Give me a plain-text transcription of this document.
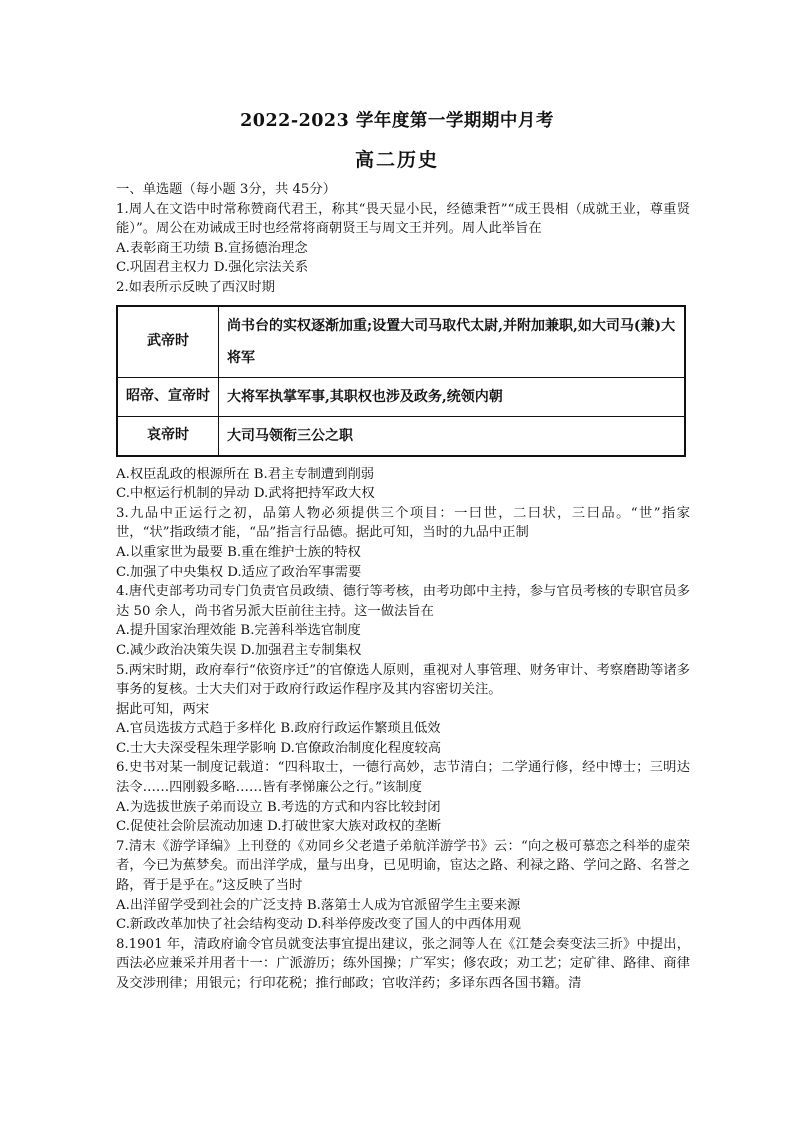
2022-2023 学年度第一学期期中月考
高二历史

一、单选题（每小题 3分，共 45分）

1.周人在文诰中时常称赞商代君王，称其“畏天显小民，经德秉哲”“成王畏相（成就王业，尊重贤能）”。周公在劝诫成王时也经常将商朝贤王与周文王并列。周人此举旨在

A.表彰商王功绩 B.宣扬德治理念

C.巩固君主权力 D.强化宗法关系

2.如表所示反映了西汉时期

武帝时	尚书台的实权逐渐加重;设置大司马取代太尉,并附加兼职,如大司马(兼)大将军
昭帝、宣帝时	大将军执掌军事,其职权也涉及政务,统领内朝
哀帝时	大司马领衔三公之职

A.权臣乱政的根源所在 B.君主专制遭到削弱

C.中枢运行机制的异动 D.武将把持军政大权

3.九品中正运行之初，品第人物必须提供三个项目：一曰世，二曰状，三曰品。“世”指家世，“状”指政绩才能，“品”指言行品德。据此可知，当时的九品中正制

A.以重家世为最要 B.重在维护士族的特权

C.加强了中央集权 D.适应了政治军事需要

4.唐代吏部考功司专门负责官员政绩、德行等考核，由考功郎中主持，参与官员考核的专职官员多达 50 余人，尚书省另派大臣前往主持。这一做法旨在

A.提升国家治理效能 B.完善科举选官制度

C.减少政治决策失误 D.加强君主专制集权

5.两宋时期，政府奉行“依资序迁”的官僚选人原则，重视对人事管理、财务审计、考察磨勘等诸多事务的复核。士大夫们对于政府行政运作程序及其内容密切关注。

据此可知，两宋

A.官员选拔方式趋于多样化 B.政府行政运作繁琐且低效

C.士大夫深受程朱理学影响 D.官僚政治制度化程度较高

6.史书对某一制度记载道：“四科取士，一德行高妙，志节清白；二学通行修，经中博士；三明达法令……四刚毅多略……皆有孝悌廉公之行。”该制度

A.为选拔世族子弟而设立 B.考选的方式和内容比较封闭

C.促使社会阶层流动加速 D.打破世家大族对政权的垄断

7.清末《游学译编》上刊登的《劝同乡父老遣子弟航洋游学书》云：“向之极可慕恋之科举的虚荣者，今已为蕉梦矣。而出洋学成，量与出身，已见明谕，宦达之路、利禄之路、学问之路、名誉之路，胥于是乎在。”这反映了当时

A.出洋留学受到社会的广泛支持 B.落第士人成为官派留学生主要来源

C.新政改革加快了社会结构变动 D.科举停废改变了国人的中西体用观

8.1901 年，清政府谕令官员就变法事宜提出建议，张之洞等人在《江楚会奏变法三折》中提出，西法必应兼采并用者十一：广派游历；练外国操；广军实；修农政；劝工艺；定矿律、路律、商律及交涉刑律；用银元；行印花税；推行邮政；官收洋药；多译东西各国书籍。清
